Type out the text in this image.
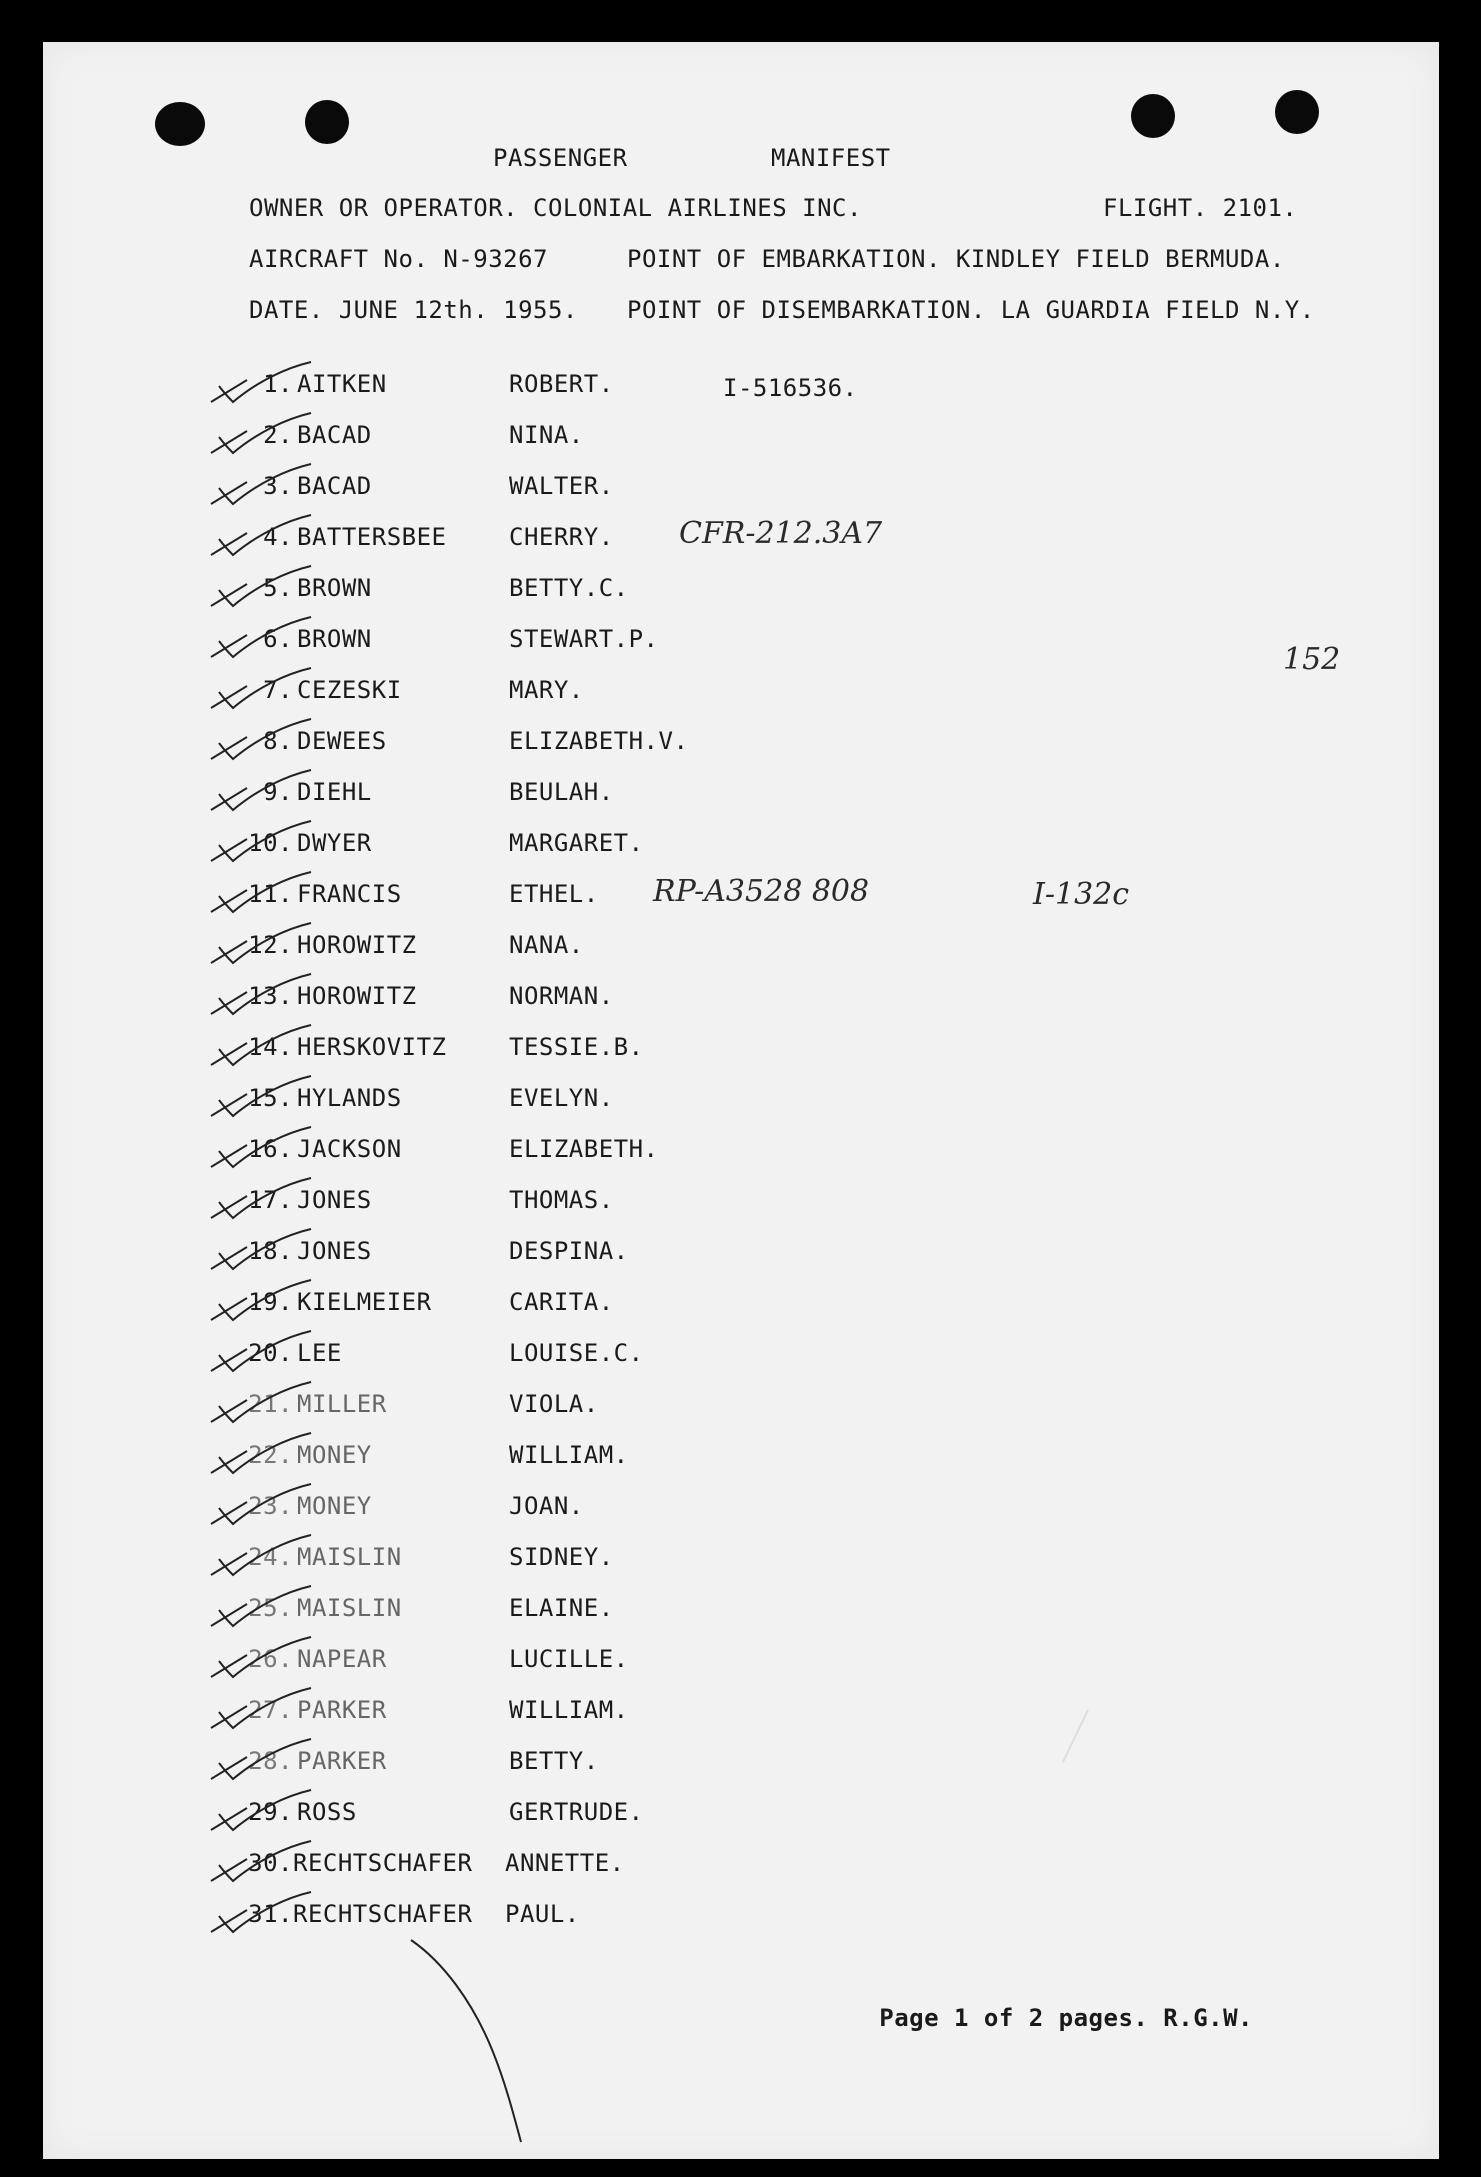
PASSENGER	MANIFEST
OWNER OR OPERATOR. COLONIAL AIRLINES INC.	FLIGHT. 2101.
AIRCRAFT No. N-93267	POINT OF EMBARKATION. KINDLEY FIELD BERMUDA.
DATE. JUNE 12th. 1955. POINT OF DISEMBARKATION. LA GUARDIA FIELD N.Y.
1. AITKEN	ROBERT.
2. BACAD	NINA.
3. BACAD	WALTER.
4. BATTERSBEE	CHERRY.
5. BROWN	BETTY.C.
6. BROWN	STEWART.P.
7. CEZESKI	MARY.
8. DEWEES	ELIZABETH.V.
9. DIEHL	BEULAH.
10. DWYER	MARGARET.
11. FRANCIS	ETHEL.
12. HOROWITZ	NANA.
13. HOROWITZ	NORMAN.
14. HERSKOVITZ	TESSIE.B.
15. HYLANDS	EVELYN.
16. JACKSON	ELIZABETH.
17. JONES	THOMAS.
18. JONES	DESPINA.
19. KIELMEIER	CARITA.
20. LEE	LOUISE.C.
21. MILLER	VIOLA.
22. MONEY	WILLIAM.
23. MONEY	JOAN.
24. MAISLIN	SIDNEY.
25. MAISLIN	ELAINE.
26. NAPEAR	LUCILLE.
27. PARKER	WILLIAM.
28. PARKER	BETTY.
29. ROSS	GERTRUDE.
30. RECHTSCHAFER ANNETTE.
31. RECHTSCHAFER PAUL.
I-516536.
CFR-212.3A7
152
RP-A3528 808	I-132c
Page 1 of 2 pages. R.G.W.
